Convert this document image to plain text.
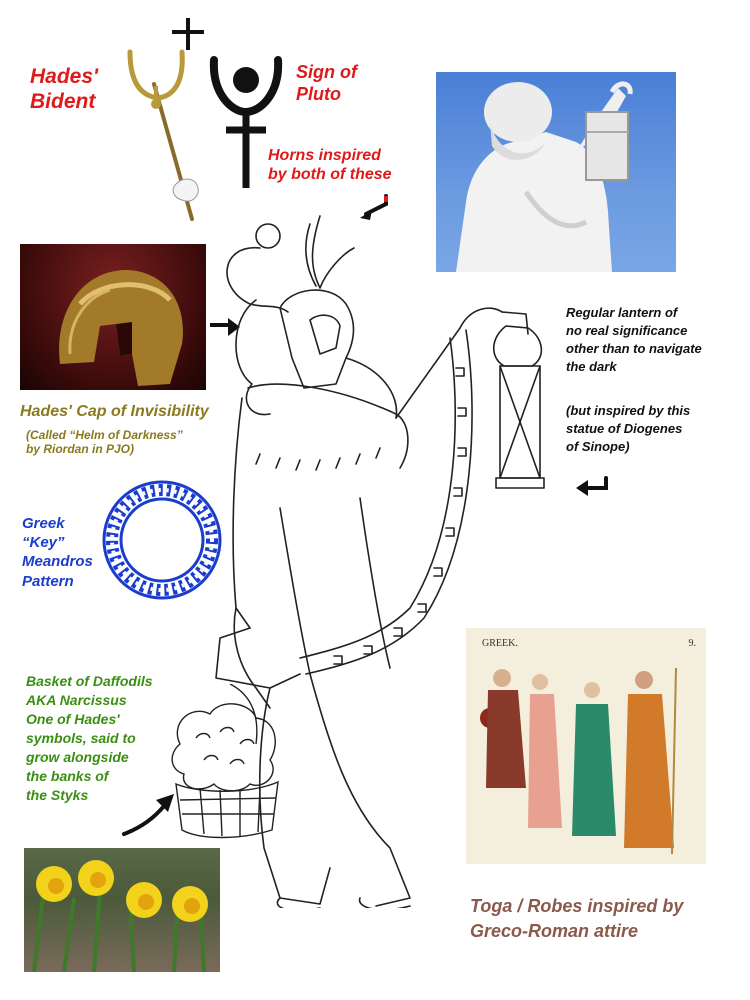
Hades'
Bident
Sign of
Pluto
Horns inspired
by both of these
Hades' Cap of Invisibility
(Called “Helm of Darkness”
by Riordan in PJO)
Greek
“Key”
Meandros
Pattern
Regular lantern of
no real significance
other than to navigate
the dark
(but inspired by this
statue of Diogenes
of Sinope)
Basket of Daffodils
AKA Narcissus
One of Hades'
symbols, said to
grow alongside
the banks of
the Styks
GREEK.	9.
Toga / Robes inspired by
Greco-Roman attire
